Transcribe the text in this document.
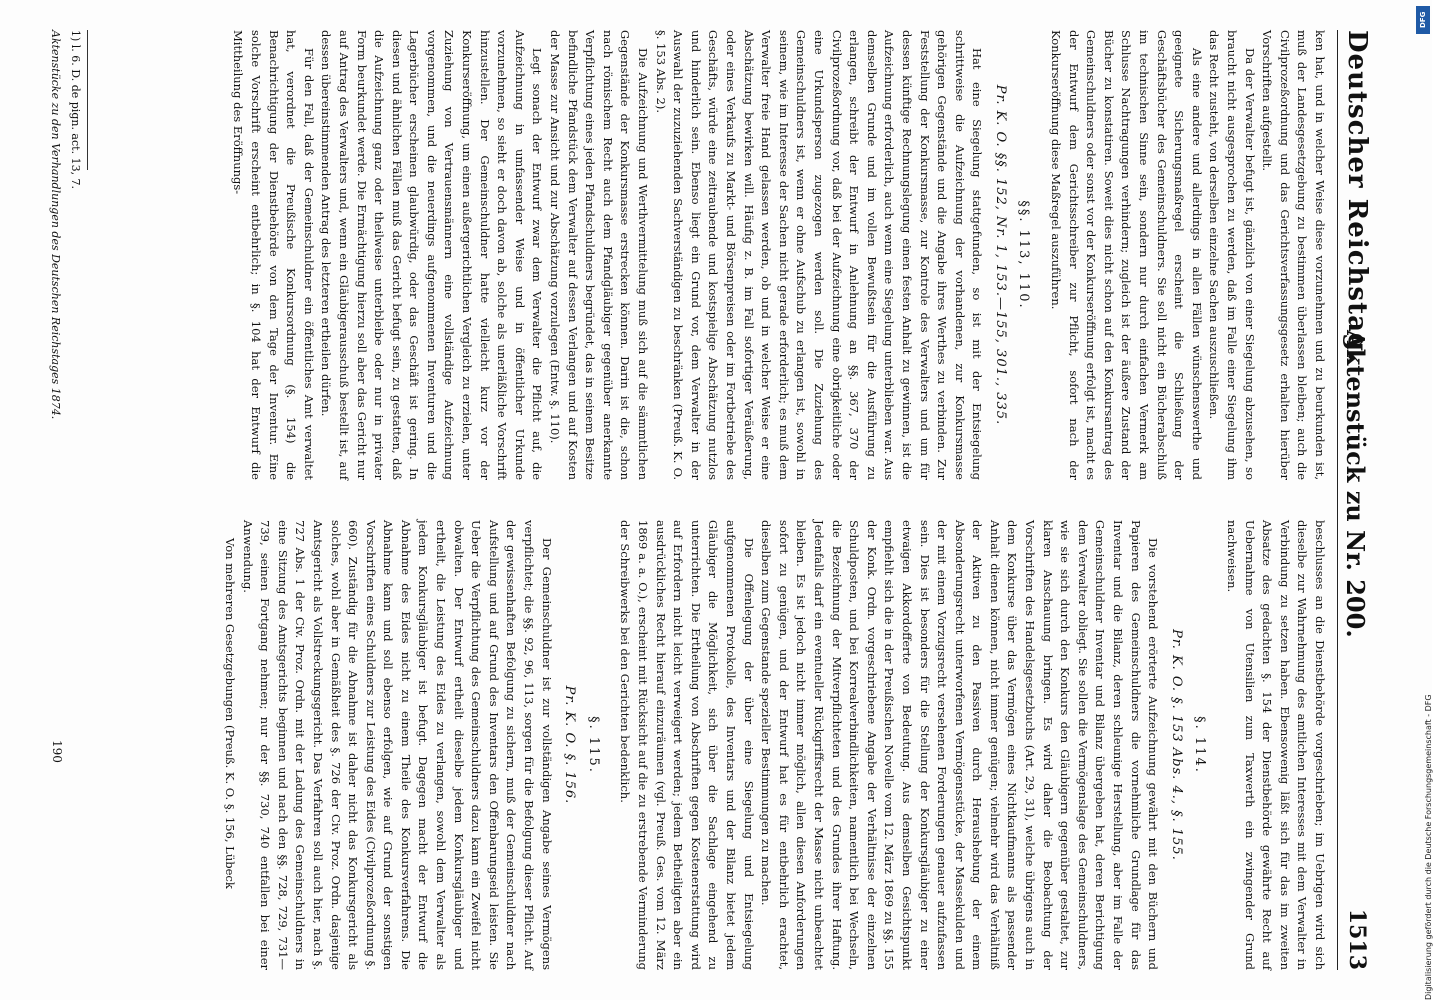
Deutscher Reichstag.
Aktenstück zu Nr. 200.
1513

ken hat, und in welcher Weise diese vorzunehmen und zu beurkunden ist, muß der Landesgesetzgebung zu bestimmen überlassen bleiben; auch die Civilprozeßordnung und das Gerichtsverfassungsgesetz erhalten hierüber Vorschriften aufgestellt.

Da der Verwalter befugt ist, gänzlich von einer Siegelung abzusehen, so braucht nicht ausgesprochen zu werden, daß im Falle einer Siegelung ihm das Recht zusteht, von derselben einzelne Sachen auszuschließen.

Als eine andere und allerdings in allen Fällen wünschenswerthe und geeignete Sicherungsmaßregel erscheint die Schließung der Geschäftsbücher des Gemeinschuldners. Sie soll nicht ein Bücherabschluß im technischen Sinne sein, sondern nur durch einfachen Vermerk am Schlusse Nachtragungen verhindern; zugleich ist der äußere Zustand der Bücher zu konstatiren. Soweit dies nicht schon auf den Konkursantrag des Gemeinschuldners oder sonst vor der Konkurseröffnung erfolgt ist, macht es der Entwurf dem Gerichtsschreiber zur Pflicht, sofort nach der Konkurseröffnung diese Maßregel auszuführen.

§§. 113, 110.
Pr. K. O. §§. 152, Nr. 1, 153.—155, 301., 335.

Hat eine Siegelung stattgefunden, so ist mit der Entsiegelung schrittweise die Aufzeichnung der vorhandenen, zur Konkursmasse gehörigen Gegenstände und die Angabe ihres Werthes zu verbinden. Zur Feststellung der Konkursmasse, zur Kontrole des Verwalters und um für dessen künftige Rechnungslegung einen festen Anhalt zu gewinnen, ist die Aufzeichnung erforderlich, auch wenn eine Siegelung unterblieben war. Aus demselben Grunde und im vollen Bewußtsein für die Ausführung zu erlangen, schreibt der Entwurf in Anlehnung an §§. 367, 370 der Civilprozeßordnung vor, daß bei der Aufzeichnung eine obrigkeitliche oder eine Urkundsperson zugezogen werden soll. Die Zuziehung des Gemeinschuldners ist, wenn er ohne Aufschub zu erlangen ist, sowohl in seinem, wie im Interesse der Sachen nicht gerade erforderlich; es muß dem Verwalter freie Hand gelassen werden, ob und in welcher Weise er eine Abschätzung bewirken will. Häufig z. B. im Fall sofortiger Veräußerung, oder eines Verkaufs zu Markt- und Börsenpreisen oder im Fortbetriebe des Geschäfts, würde eine zeitraubende und kostspielige Abschätzung nutzlos und hinderlich sein. Ebenso liegt ein Grund vor, dem Verwalter in der Auswahl der zuzuziehenden Sachverständigen zu beschränken (Preuß. K. O. §. 153 Abs. 2).

Die Aufzeichnung und Werthvermittelung muß sich auf die sämmtlichen Gegenstände der Konkursmasse erstrecken können. Darin ist die, schon nach römischem Recht auch dem Pfandgläubiger gegenüber anerkannte Verpflichtung eines jeden Pfandschuldners begründet, das in seinem Besitze befindliche Pfandstück dem Verwalter auf dessen Verlangen und auf Kosten der Masse zur Ansicht und zur Abschätzung vorzulegen (Entw. §. 110).

Legt sonach der Entwurf zwar dem Verwalter die Pflicht auf, die Aufzeichnung in umfassender Weise und in öffentlicher Urkunde vorzunehmen, so sieht er doch davon ab, solche als unerläßliche Vorschrift hinzustellen. Der Gemeinschuldner hatte vielleicht kurz vor der Konkurseröffnung, um einen außergerichtlichen Vergleich zu erzielen, unter Zuziehung von Vertrauensmännern eine vollständige Aufzeichnung vorgenommen, und die neuerdings aufgenommenen Inventuren und die Lagerbücher erscheinen glaubwürdig, oder das Geschäft ist gering. In diesen und ähnlichen Fällen muß das Gericht befugt sein, zu gestatten, daß die Aufzeichnung ganz oder theilweise unterbleibe oder nur in privater Form beurkundet werde. Die Ermächtigung hierzu soll aber das Gericht nur auf Antrag des Verwalters und, wenn ein Gläubigerausschuß bestellt ist, auf dessen übereinstimmenden Antrag des letzteren ertheilen dürfen.

Für den Fall, daß der Gemeinschuldner ein öffentliches Amt verwaltet hat, verordnet die Preußische Konkursordnung (§. 154) die Benachrichtigung der Dienstbehörde von dem Tage der Inventur. Eine solche Vorschrift erscheint entbehrlich; in §. 104 hat der Entwurf die Mittheilung des Eröffnungs-

beschlusses an die Dienstbehörde vorgeschrieben; im Uebrigen wird sich dieselbe zur Wahrnehmung des amtlichen Interesses mit dem Verwalter in Verbindung zu setzen haben. Ebensowenig läßt sich für das im zweiten Absatze des gedachten §. 154 der Dienstbehörde gewährte Recht auf Uebernahme von Utensilien zum Taxwerth ein zwingender Grund nachweisen.

§. 114.
Pr. K. O. §. 153 Abs. 4., §. 155.

Die vorstehend erörterte Aufzeichnung gewährt mit den Büchern und Papieren des Gemeinschuldners die vornehmliche Grundlage für das Inventar und die Bilanz, deren schleunige Herstellung, aber im Falle der Gemeinschuldner Inventar und Bilanz übergeben hat, deren Berichtigung dem Verwalter obliegt. Sie sollen die Vermögenslage des Gemeinschuldners, wie sie sich durch den Konkurs den Gläubigern gegenüber gestaltet, zur klaren Anschauung bringen. Es wird daher die Beobachtung der Vorschriften des Handelsgesetzbuchs (Art. 29, 31), welche übrigens auch in dem Konkurse über das Vermögen eines Nichtkaufmanns als passender Anhalt dienen können, nicht immer genügen; vielmehr wird das Verhältniß der Aktiven zu den Passiven durch Heraushebung der einem Absonderungsrecht unterworfenen Vermögensstücke, der Massekulden und der mit einem Vorzugsrecht versehenen Forderungen genauer aufzufassen sein. Dies ist besonders für die Stellung der Konkursgläubiger zu einer etwaigen Akkordofferte von Bedeutung. Aus demselben Gesichtspunkt empfiehlt sich die in der Preußischen Novelle vom 12. März 1869 zu §§. 155 der Konk. Ordn. vorgeschriebene Angabe der Verhältnisse der einzelnen Schuldposten, und bei Korrealverbindlichkeiten, namentlich bei Wechseln, die Bezeichnung der Mitverpflichteten und des Grundes ihrer Haftung. Jedenfalls darf ein eventueller Rückgriffsrecht der Masse nicht unbeachtet bleiben. Es ist jedoch nicht immer möglich, allen diesen Anforderungen sofort zu genügen, und der Entwurf hat es für entbehrlich erachtet, dieselben zum Gegenstande spezieller Bestimmungen zu machen.

Die Offenlegung der über eine Siegelung und Entsiegelung aufgenommenen Protokolle, des Inventars und der Bilanz bietet jedem Gläubiger die Möglichkeit, sich über die Sachlage eingehend zu unterrichten. Die Ertheilung von Abschriften gegen Kostenerstattung wird auf Erfordern nicht leicht verweigert werden; jedem Betheiligten aber ein ausdrückliches Recht hierauf einzuräumen (vgl. Preuß. Ges. vom 12. März 1869 a. a. O.), erscheint mit Rücksicht auf die zu erstrebende Verminderung der Schreibwerks bei den Gerichten bedenklich.

§. 115.
Pr. K. O. §. 156.

Der Gemeinschuldner ist zur vollständigen Angabe seines Vermögens verpflichtet; die §§. 92, 96, 113, sorgen für die Befolgung dieser Pflicht. Auf der gewissenhaften Befolgung zu sichern, muß der Gemeinschuldner nach Aufstellung und auf Grund des Inventars den Offenbarungseid leisten. Sie Ueber die Verpflichtung des Gemeinschuldners dazu kann ein Zweifel nicht obwalten. Der Entwurf ertheilt dieselbe jedem Konkursgläubiger und ertheilt, die Leistung des Eides zu verlangen, sowohl dem Verwalter als jedem Konkursgläubiger ist befugt. Dagegen macht der Entwurf die Abnahme des Eides nicht zu einem Theile des Konkursverfahrens. Die Abnahme kann und soll ebenso erfolgen, wie auf Grund der sonstigen Vorschriften eines Schuldners zur Leistung des Eides (Civilprozeßordnung §. 660). Zuständig für die Abnahme ist daher nicht das Konkursgericht als solches, wohl aber in Gemäßheit des §. 726 der Civ. Proz. Ordn. dasjenige Amtsgericht als Vollstreckungsgericht. Das Verfahren soll auch hier, nach §. 727 Abs. 1 der Civ. Proz. Ordn. mit der Ladung des Gemeinschuldners in eine Sitzung des Amtsgerichts beginnen und nach den §§. 728, 729, 731—739, seinen Fortgang nehmen; nur der §§. 730, 740 entfallen bei einer Anwendung.

Von mehreren Gesetzgebungen (Preuß. K. O. §. 156, Lübeck

1) l. 6. D. de pign. act. 13, 7.
Aktenstücke zu den Verhandlungen des Deutschen Reichstages 1874.
190	Digitalisierung gefördert durch die Deutsche Forschungsgemeinschaft - DFG
DFG
